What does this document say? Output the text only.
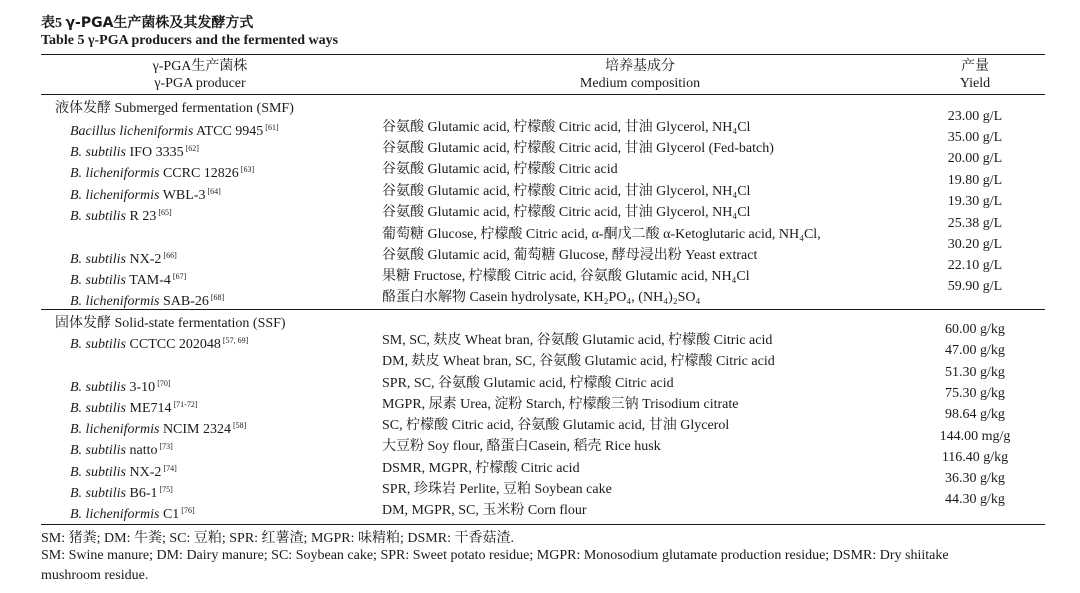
表5 γ-PGA生产菌株及其发酵方式
Table 5 γ-PGA producers and the fermented ways
γ-PGA生产菌株
γ-PGA producer
培养基成分
Medium composition
产量
Yield
液体发酵 Submerged fermentation (SMF)
Bacillus licheniformis ATCC 9945 [61]
B. subtilis IFO 3335 [62]
B. licheniformis CCRC 12826 [63]
B. licheniformis WBL-3 [64]
B. subtilis R 23 [65]
B. subtilis NX-2 [66]
B. subtilis TAM-4 [67]
B. licheniformis SAB-26 [68]
谷氨酸 Glutamic acid, 柠檬酸 Citric acid, 甘油 Glycerol, NH₄Cl
谷氨酸 Glutamic acid, 柠檬酸 Citric acid, 甘油 Glycerol (Fed-batch)
谷氨酸 Glutamic acid, 柠檬酸 Citric acid
谷氨酸 Glutamic acid, 柠檬酸 Citric acid, 甘油 Glycerol, NH₄Cl
谷氨酸 Glutamic acid, 柠檬酸 Citric acid, 甘油 Glycerol, NH₄Cl
葡萄糖 Glucose, 柠檬酸 Citric acid, α-酮戊二酸 α-Ketoglutaric acid, NH₄Cl,
谷氨酸 Glutamic acid, 葡萄糖 Glucose, 酵母浸出粉 Yeast extract
果糖 Fructose, 柠檬酸 Citric acid, 谷氨酸 Glutamic acid, NH₄Cl
酪蛋白水解物 Casein hydrolysate, KH₂PO₄, (NH₄)₂SO₄
23.00 g/L
35.00 g/L
20.00 g/L
19.80 g/L
19.30 g/L
25.38 g/L
30.20 g/L
22.10 g/L
59.90 g/L
固体发酵 Solid-state fermentation (SSF)
B. subtilis CCTCC 202048 [57, 69]
B. subtilis 3-10 [70]
B. subtilis ME714 [71-72]
B. licheniformis NCIM 2324 [58]
B. subtilis natto [73]
B. subtilis NX-2 [74]
B. subtilis B6-1 [75]
B. licheniformis C1 [76]
SM, SC, 麸皮 Wheat bran, 谷氨酸 Glutamic acid, 柠檬酸 Citric acid
DM, 麸皮 Wheat bran, SC, 谷氨酸 Glutamic acid, 柠檬酸 Citric acid
SPR, SC, 谷氨酸 Glutamic acid, 柠檬酸 Citric acid
MGPR, 尿素 Urea, 淀粉 Starch, 柠檬酸三钠 Trisodium citrate
SC, 柠檬酸 Citric acid, 谷氨酸 Glutamic acid, 甘油 Glycerol
大豆粉 Soy flour, 酪蛋白Casein, 稻壳 Rice husk
DSMR, MGPR, 柠檬酸 Citric acid
SPR, 珍珠岩 Perlite, 豆粕 Soybean cake
DM, MGPR, SC, 玉米粉 Corn flour
60.00 g/kg
47.00 g/kg
51.30 g/kg
75.30 g/kg
98.64 g/kg
144.00 mg/g
116.40 g/kg
36.30 g/kg
44.30 g/kg
SM: 猪粪; DM: 牛粪; SC: 豆粕; SPR: 红薯渣; MGPR: 味精粕; DSMR: 干香菇渣.
SM: Swine manure; DM: Dairy manure; SC: Soybean cake; SPR: Sweet potato residue; MGPR: Monosodium glutamate production residue; DSMR: Dry shiitake
mushroom residue.
